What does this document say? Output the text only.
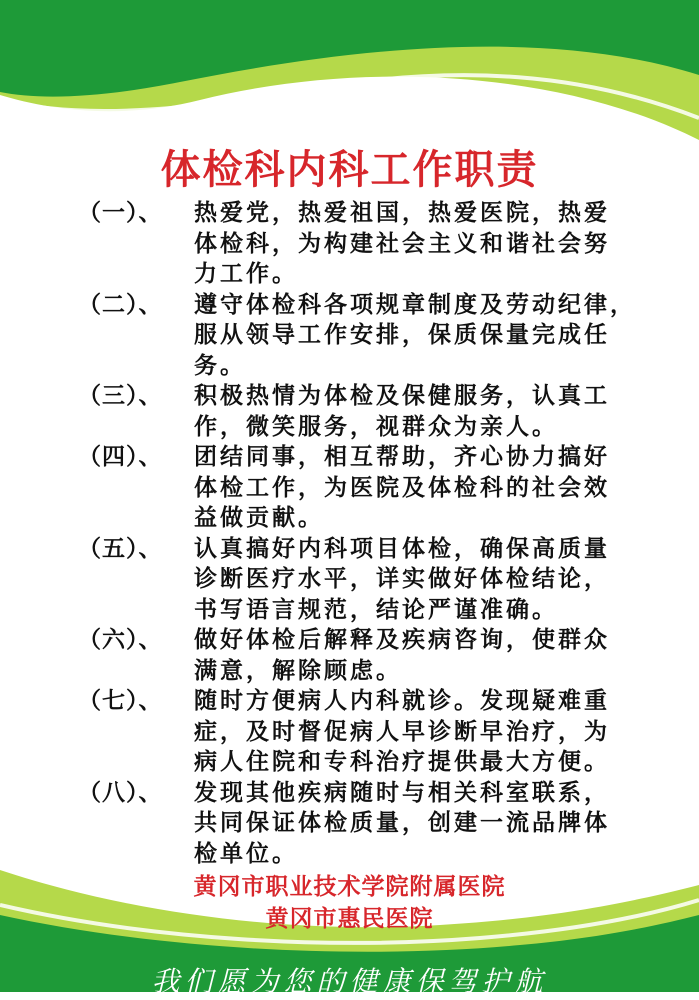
体检科内科工作职责
（一）、	热爱党，热爱祖国，热爱医院，热爱
体检科，为构建社会主义和谐社会努
力工作。
（二）、	遵守体检科各项规章制度及劳动纪律，
服从领导工作安排，保质保量完成任
务。
（三）、	积极热情为体检及保健服务，认真工
作，微笑服务，视群众为亲人。
（四）、	团结同事，相互帮助，齐心协力搞好
体检工作，为医院及体检科的社会效
益做贡献。
（五）、	认真搞好内科项目体检，确保高质量
诊断医疗水平，详实做好体检结论，
书写语言规范，结论严谨准确。
（六）、	做好体检后解释及疾病咨询，使群众
满意，解除顾虑。
（七）、	随时方便病人内科就诊。发现疑难重
症，及时督促病人早诊断早治疗，为
病人住院和专科治疗提供最大方便。
（八）、	发现其他疾病随时与相关科室联系，
共同保证体检质量，创建一流品牌体
检单位。
黄冈市职业技术学院附属医院
黄冈市惠民医院
我们愿为您的健康保驾护航
